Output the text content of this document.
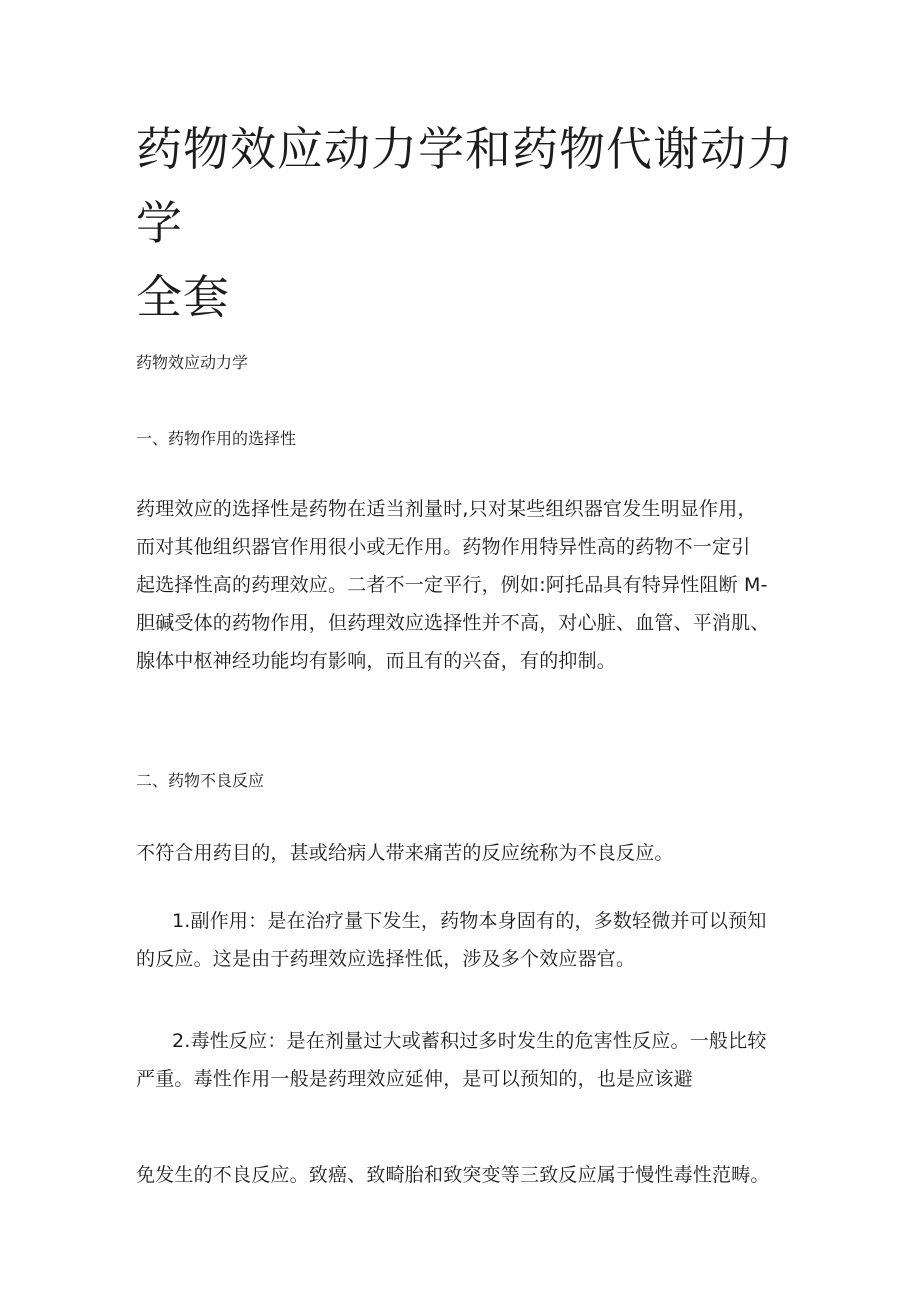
药物效应动力学和药物代谢动力学
全套
药物效应动力学
一、药物作用的选择性
药理效应的选择性是药物在适当剂量时,只对某些组织器官发生明显作用，
而对其他组织器官作用很小或无作用。药物作用特异性高的药物不一定引
起选择性高的药理效应。二者不一定平行，例如:阿托品具有特异性阻断 M-
胆碱受体的药物作用，但药理效应选择性并不高，对心脏、血管、平消肌、
腺体中枢神经功能均有影响，而且有的兴奋，有的抑制。
二、药物不良反应
不符合用药目的，甚或给病人带来痛苦的反应统称为不良反应。
1.副作用：是在治疗量下发生，药物本身固有的，多数轻微并可以预知
的反应。这是由于药理效应选择性低，涉及多个效应器官。
2.毒性反应：是在剂量过大或蓄积过多时发生的危害性反应。一般比较
严重。毒性作用一般是药理效应延伸，是可以预知的，也是应该避
免发生的不良反应。致癌、致畸胎和致突变等三致反应属于慢性毒性范畴。
